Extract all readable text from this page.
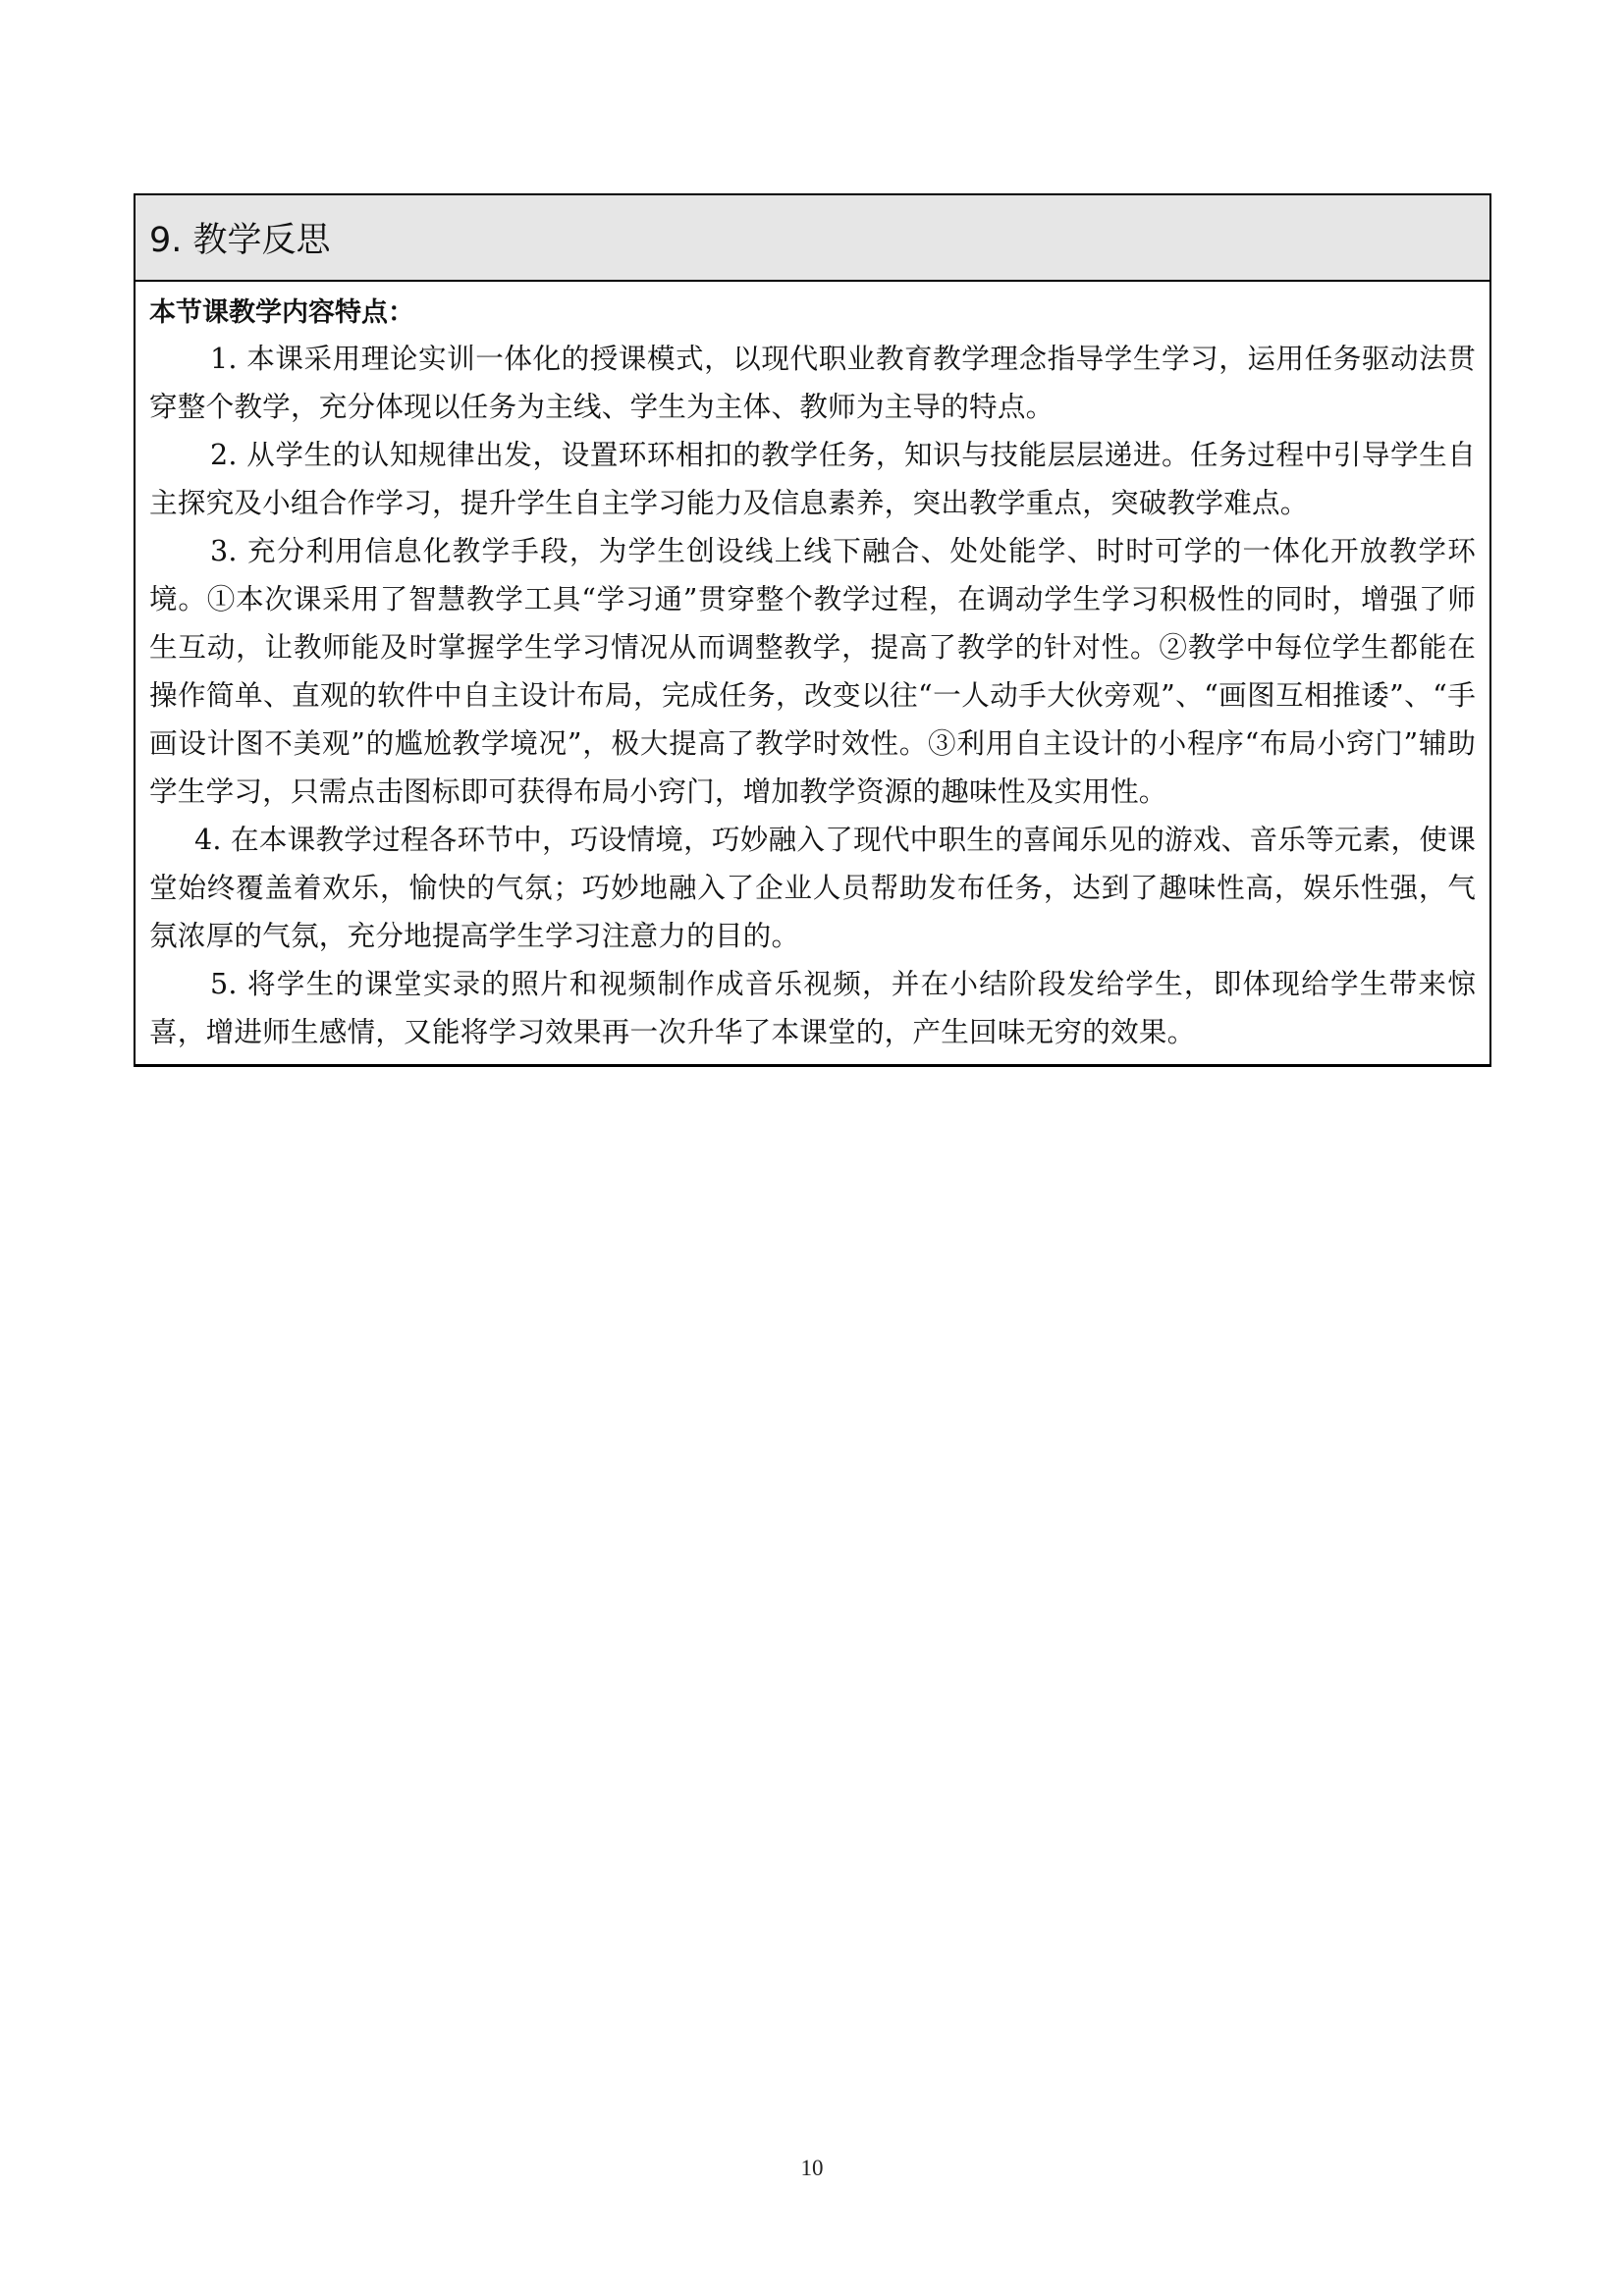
9. 教学反思

本节课教学内容特点：

1. 本课采用理论实训一体化的授课模式，以现代职业教育教学理念指导学生学习，运用任务驱动法贯穿整个教学，充分体现以任务为主线、学生为主体、教师为主导的特点。

2. 从学生的认知规律出发，设置环环相扣的教学任务，知识与技能层层递进。任务过程中引导学生自主探究及小组合作学习，提升学生自主学习能力及信息素养，突出教学重点，突破教学难点。

3. 充分利用信息化教学手段，为学生创设线上线下融合、处处能学、时时可学的一体化开放教学环境。①本次课采用了智慧教学工具“学习通”贯穿整个教学过程，在调动学生学习积极性的同时，增强了师生互动，让教师能及时掌握学生学习情况从而调整教学，提高了教学的针对性。②教学中每位学生都能在操作简单、直观的软件中自主设计布局，完成任务，改变以往“一人动手大伙旁观”、“画图互相推诿”、“手画设计图不美观”的尴尬教学境况”，极大提高了教学时效性。③利用自主设计的小程序“布局小窍门”辅助学生学习，只需点击图标即可获得布局小窍门，增加教学资源的趣味性及实用性。

4. 在本课教学过程各环节中，巧设情境，巧妙融入了现代中职生的喜闻乐见的游戏、音乐等元素，使课堂始终覆盖着欢乐，愉快的气氛；巧妙地融入了企业人员帮助发布任务，达到了趣味性高，娱乐性强，气氛浓厚的气氛，充分地提高学生学习注意力的目的。

5. 将学生的课堂实录的照片和视频制作成音乐视频，并在小结阶段发给学生，即体现给学生带来惊喜，增进师生感情，又能将学习效果再一次升华了本课堂的，产生回味无穷的效果。

10
